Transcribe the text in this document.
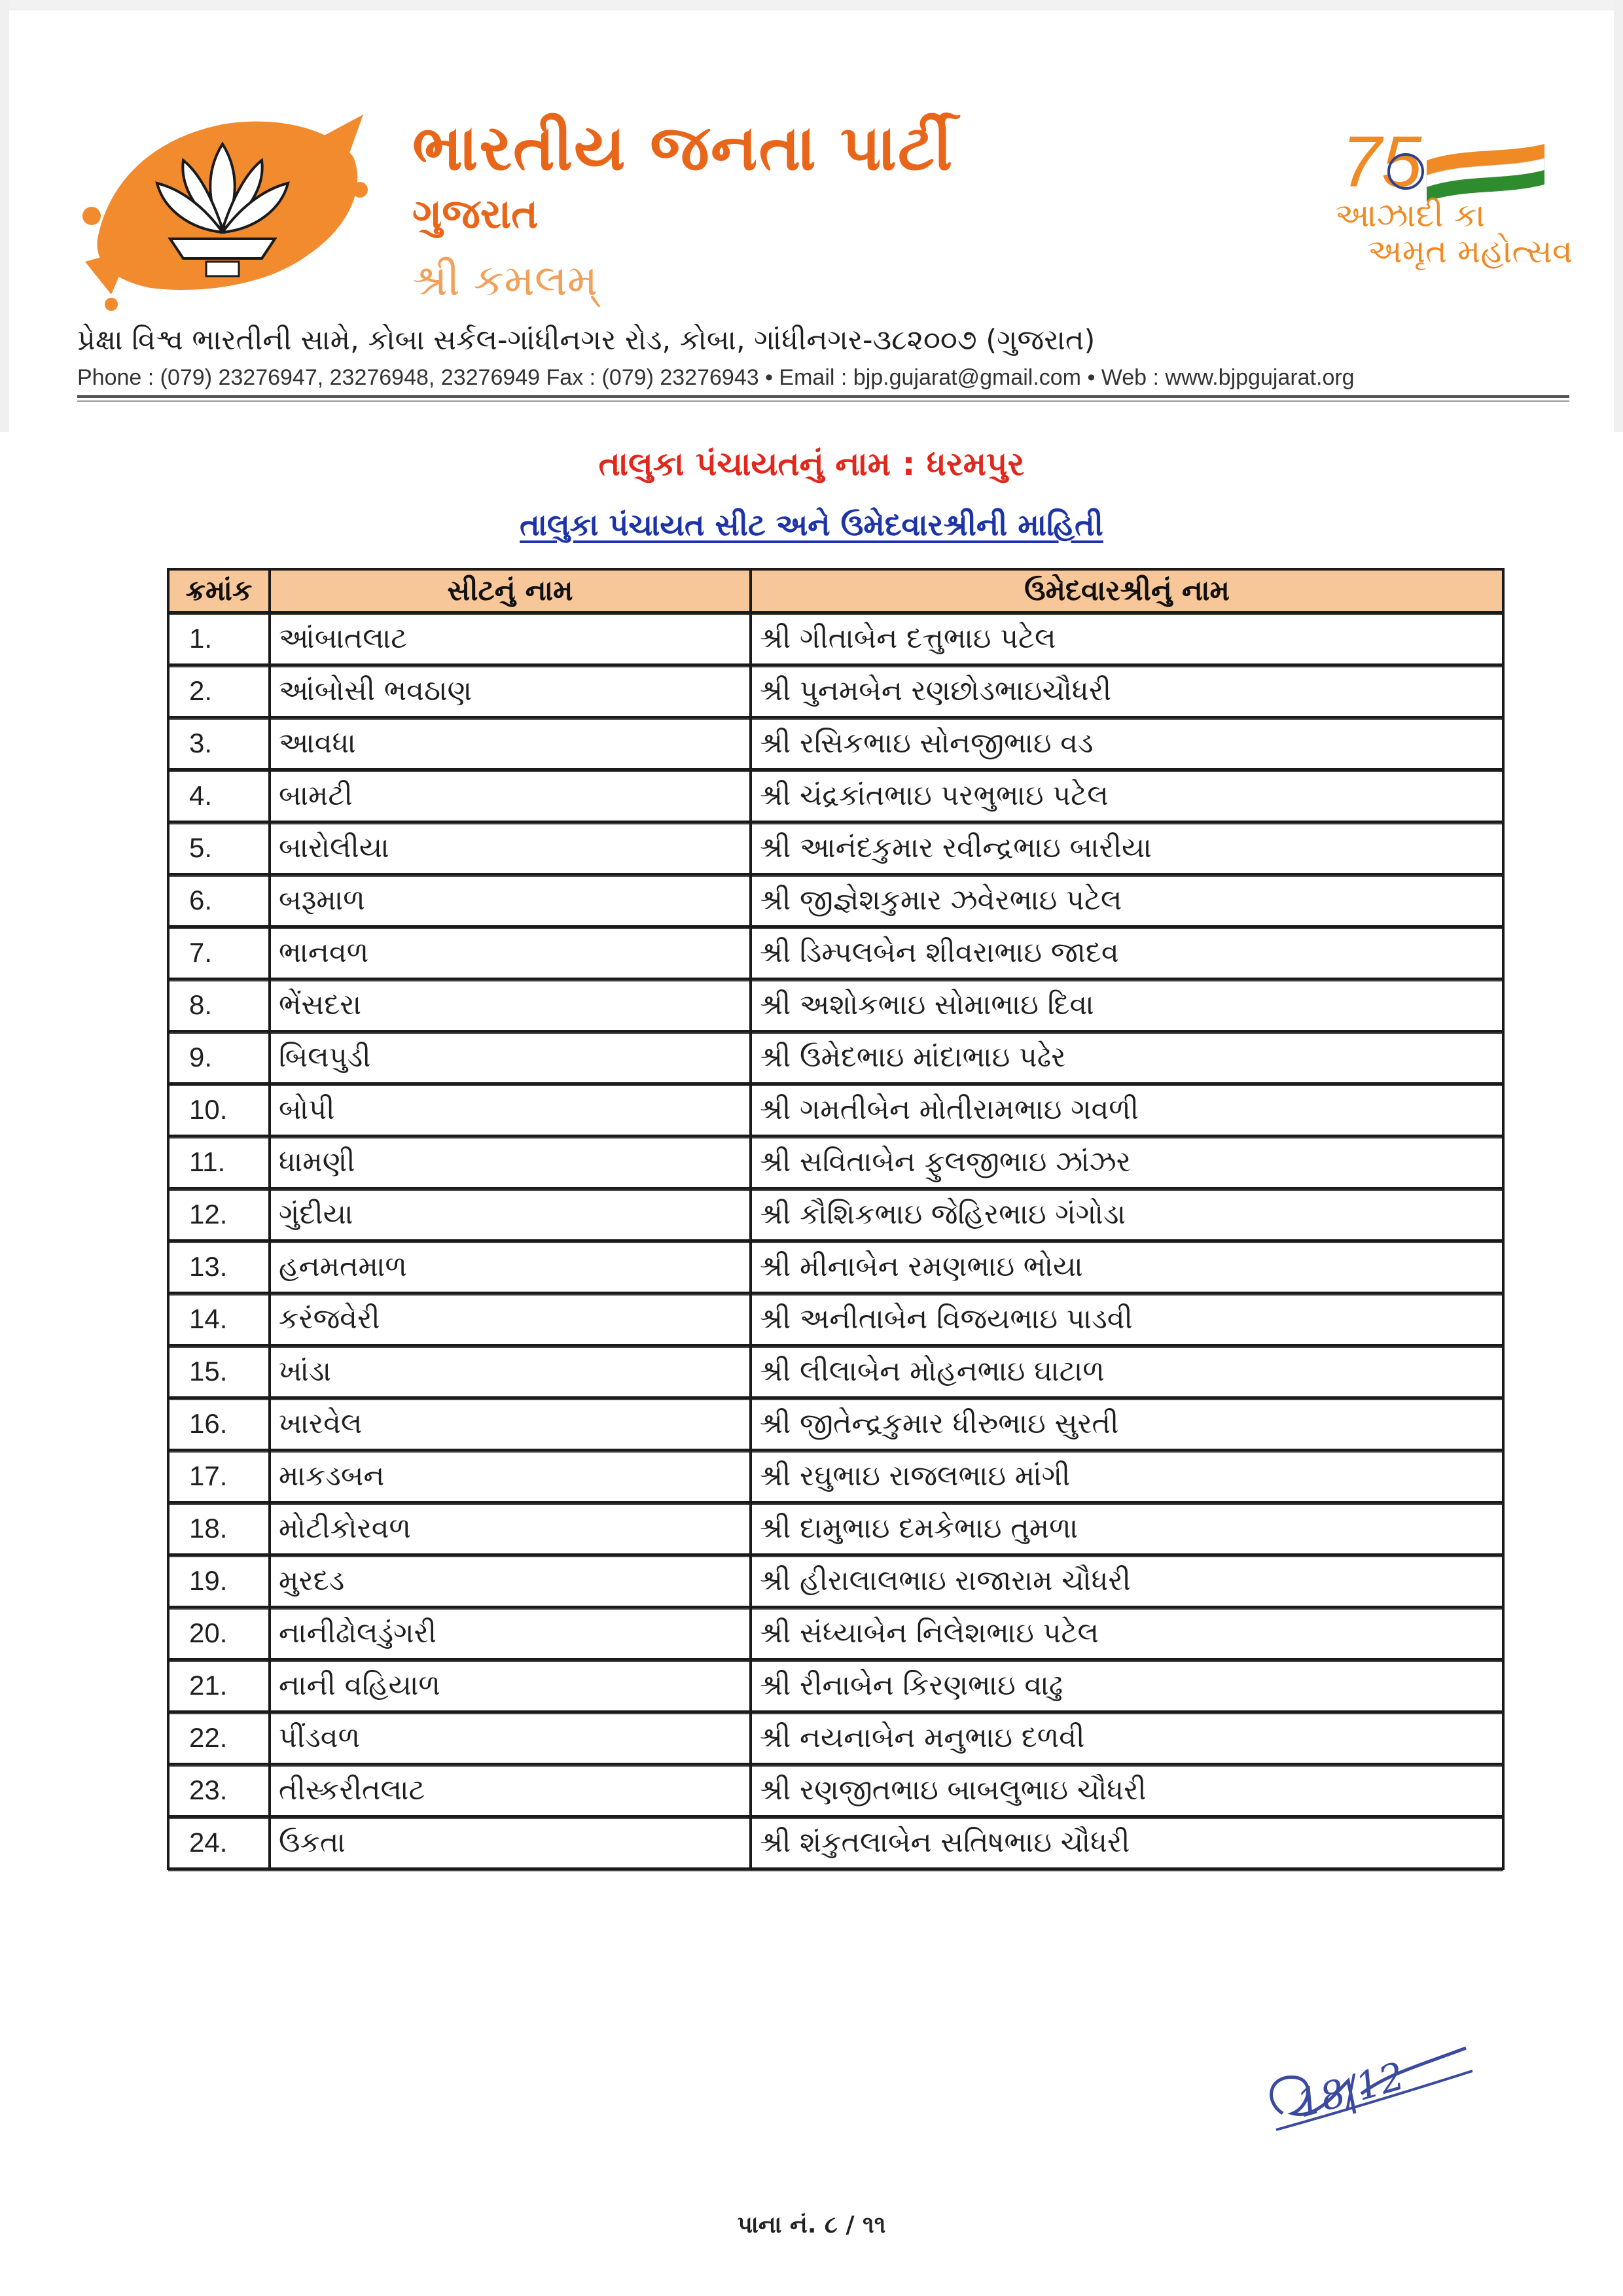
ભારતીય જનતા પાર્ટી
ગુજરાત
શ્રી કમલમ્
75
આઝાદી કા
અમૃત મહોત્સવ
પ્રેક્ષા વિશ્વ ભારતીની સામે, કોબા સર્કલ-ગાંધીનગર રોડ, કોબા, ગાંધીનગર-૩૮૨૦૦૭ (ગુજરાત)
Phone : (079) 23276947, 23276948, 23276949 Fax : (079) 23276943 • Email : bjp.gujarat@gmail.com • Web : www.bjpgujarat.org
તાલુકા પંચાયતનું નામ : ધરમપુર
તાલુકા પંચાયત સીટ અને ઉમેદવારશ્રીની માહિતી
ક્રમાંક	સીટનું નામ	ઉમેદવારશ્રીનું નામ
1.	આંબાતલાટ	શ્રી ગીતાબેન દત્તુભાઇ પટેલ
2.	આંબોસી ભવઠાણ	શ્રી પુનમબેન રણછોડભાઇચૌધરી
3.	આવધા	શ્રી રસિકભાઇ સોનજીભાઇ વડ
4.	બામટી	શ્રી ચંદ્રકાંતભાઇ પરભુભાઇ પટેલ
5.	બારોલીયા	શ્રી આનંદકુમાર રવીન્દ્રભાઇ બારીયા
6.	બરૂમાળ	શ્રી જીજ્ઞેશકુમાર ઝવેરભાઇ પટેલ
7.	ભાનવળ	શ્રી ડિમ્પલબેન શીવરાભાઇ જાદવ
8.	ભેંસદરા	શ્રી અશોકભાઇ સોમાભાઇ દિવા
9.	બિલપુડી	શ્રી ઉમેદભાઇ માંદાભાઇ પઢેર
10.	બોપી	શ્રી ગમતીબેન મોતીરામભાઇ ગવળી
11.	ધામણી	શ્રી સવિતાબેન ફુલજીભાઇ ઝાંઝર
12.	ગુંદીયા	શ્રી કૌશિકભાઇ જેહિરભાઇ ગંગોડા
13.	હનમતમાળ	શ્રી મીનાબેન રમણભાઇ ભોયા
14.	કરંજવેરી	શ્રી અનીતાબેન વિજયભાઇ પાડવી
15.	ખાંડા	શ્રી લીલાબેન મોહનભાઇ ઘાટાળ
16.	ખારવેલ	શ્રી જીતેન્દ્રકુમાર ધીરુભાઇ સુરતી
17.	માકડબન	શ્રી રઘુભાઇ રાજલભાઇ માંગી
18.	મોટીકોરવળ	શ્રી દામુભાઇ દમકેભાઇ તુમળા
19.	મુરદડ	શ્રી હીરાલાલભાઇ રાજારામ ચૌધરી
20.	નાનીઢોલડુંગરી	શ્રી સંધ્યાબેન નિલેશભાઇ પટેલ
21.	નાની વહિયાળ	શ્રી રીનાબેન કિરણભાઇ વાઢુ
22.	પીંડવળ	શ્રી નયનાબેન મનુભાઇ દળવી
23.	તીસ્કરીતલાટ	શ્રી રણજીતભાઇ બાબલુભાઇ ચૌધરી
24.	ઉકતા	શ્રી શંકુતલાબેન સતિષભાઇ ચૌધરી
18/12
પાના નં. ૮ / ૧૧
